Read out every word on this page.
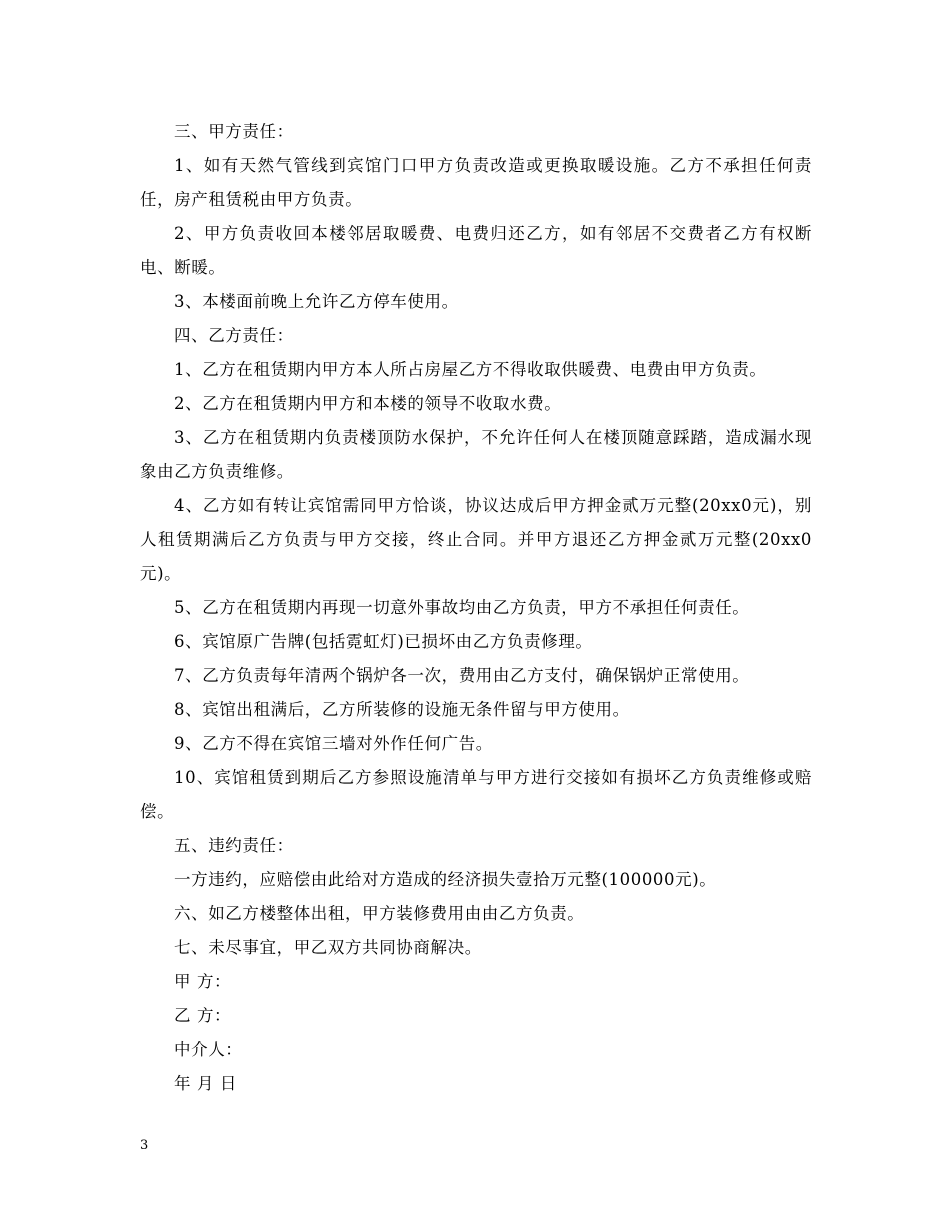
三、甲方责任：

1、如有天然气管线到宾馆门口甲方负责改造或更换取暖设施。乙方不承担任何责任，房产租赁税由甲方负责。

2、甲方负责收回本楼邻居取暖费、电费归还乙方，如有邻居不交费者乙方有权断电、断暖。

3、本楼面前晚上允许乙方停车使用。

四、乙方责任：

1、乙方在租赁期内甲方本人所占房屋乙方不得收取供暖费、电费由甲方负责。

2、乙方在租赁期内甲方和本楼的领导不收取水费。

3、乙方在租赁期内负责楼顶防水保护，不允许任何人在楼顶随意踩踏，造成漏水现象由乙方负责维修。

4、乙方如有转让宾馆需同甲方恰谈，协议达成后甲方押金贰万元整(20xx0元)，别人租赁期满后乙方负责与甲方交接，终止合同。并甲方退还乙方押金贰万元整(20xx0元)。

5、乙方在租赁期内再现一切意外事故均由乙方负责，甲方不承担任何责任。

6、宾馆原广告牌(包括霓虹灯)已损坏由乙方负责修理。

7、乙方负责每年清两个锅炉各一次，费用由乙方支付，确保锅炉正常使用。

8、宾馆出租满后，乙方所装修的设施无条件留与甲方使用。

9、乙方不得在宾馆三墙对外作任何广告。

10、宾馆租赁到期后乙方参照设施清单与甲方进行交接如有损坏乙方负责维修或赔偿。

五、违约责任：

一方违约，应赔偿由此给对方造成的经济损失壹拾万元整(100000元)。

六、如乙方楼整体出租，甲方装修费用由由乙方负责。

七、未尽事宜，甲乙双方共同协商解决。

甲 方：

乙 方：

中介人：

年 月 日

3
